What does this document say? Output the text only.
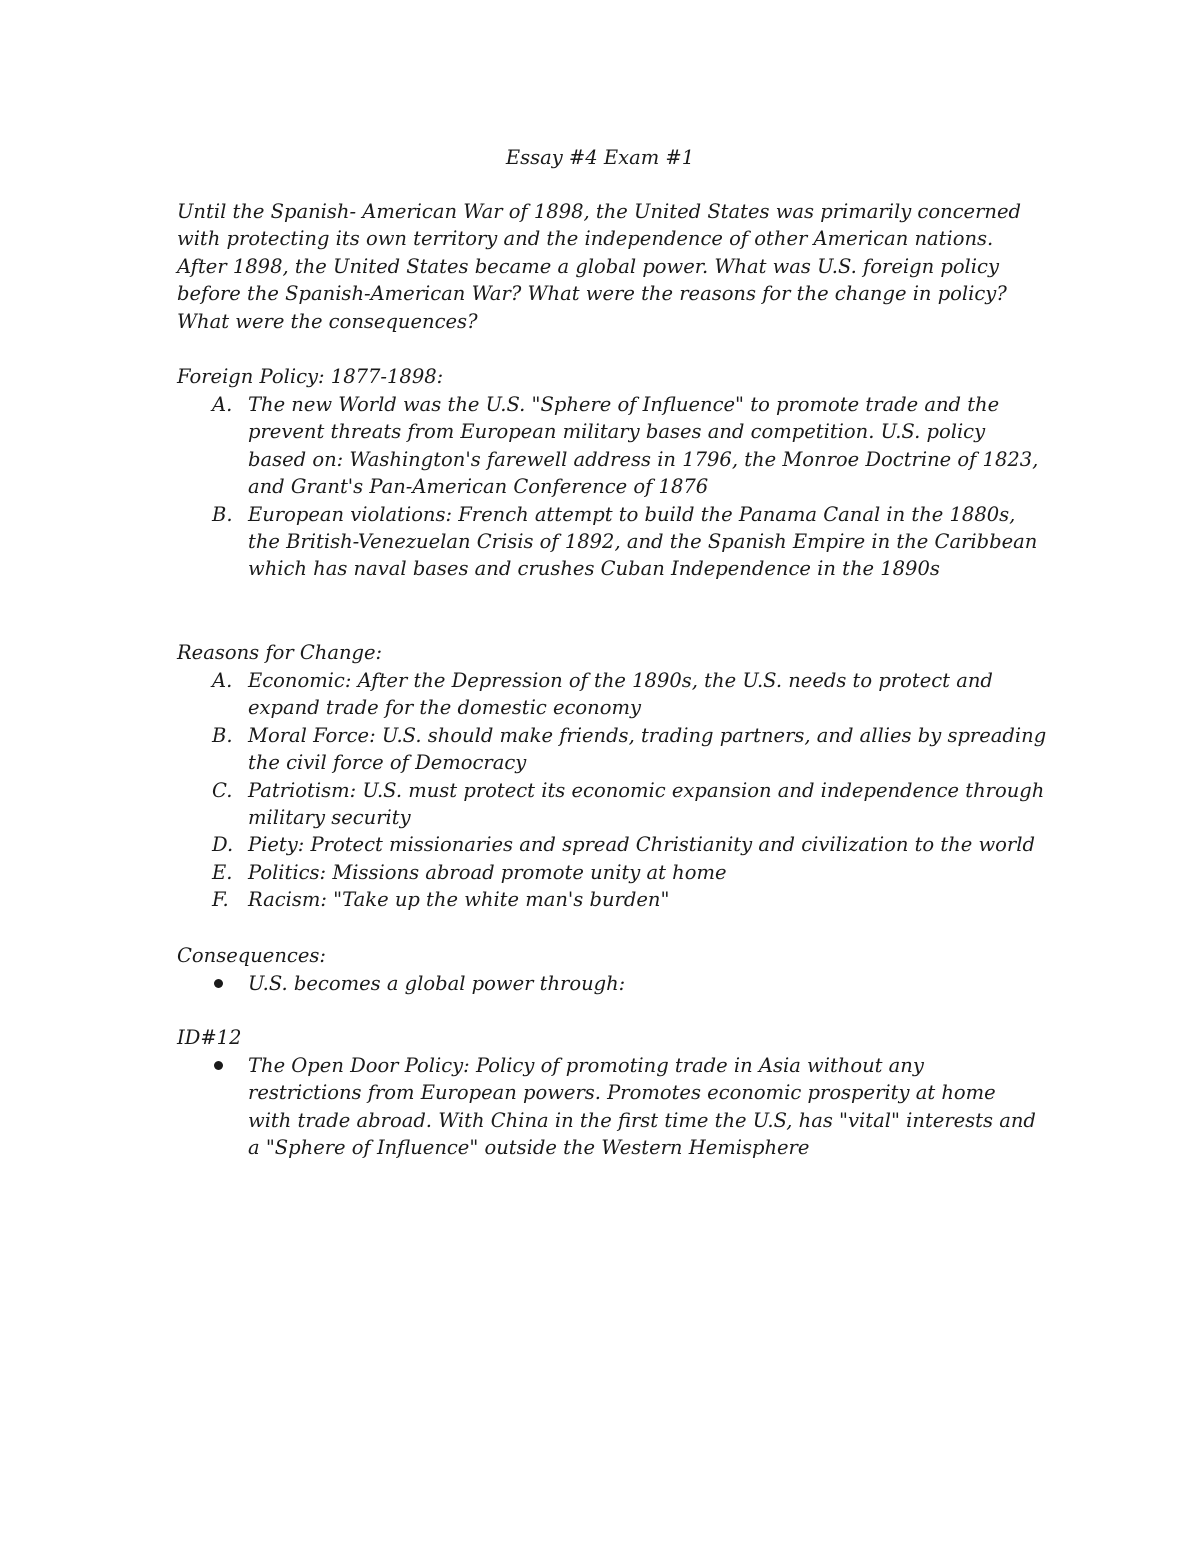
Essay #4 Exam #1

Until the Spanish- American War of 1898, the United States was primarily concerned

with protecting its own territory and the independence of other American nations.

After 1898, the United States became a global power. What was U.S. foreign policy

before the Spanish-American War? What were the reasons for the change in policy?

What were the consequences?

Foreign Policy: 1877-1898:

A. The new World was the U.S. "Sphere of Influence" to promote trade and the
prevent threats from European military bases and competition. U.S. policy
based on: Washington's farewell address in 1796, the Monroe Doctrine of 1823,
and Grant's Pan-American Conference of 1876
B. European violations: French attempt to build the Panama Canal in the 1880s,
the British-Venezuelan Crisis of 1892, and the Spanish Empire in the Caribbean
which has naval bases and crushes Cuban Independence in the 1890s

Reasons for Change:

A. Economic: After the Depression of the 1890s, the U.S. needs to protect and
expand trade for the domestic economy
B. Moral Force: U.S. should make friends, trading partners, and allies by spreading
the civil force of Democracy
C. Patriotism: U.S. must protect its economic expansion and independence through
military security
D. Piety: Protect missionaries and spread Christianity and civilization to the world
E. Politics: Missions abroad promote unity at home
F. Racism: "Take up the white man's burden"

Consequences:

U.S. becomes a global power through:

ID#12

The Open Door Policy: Policy of promoting trade in Asia without any
restrictions from European powers. Promotes economic prosperity at home
with trade abroad. With China in the first time the U.S, has "vital" interests and
a "Sphere of Influence" outside the Western Hemisphere
